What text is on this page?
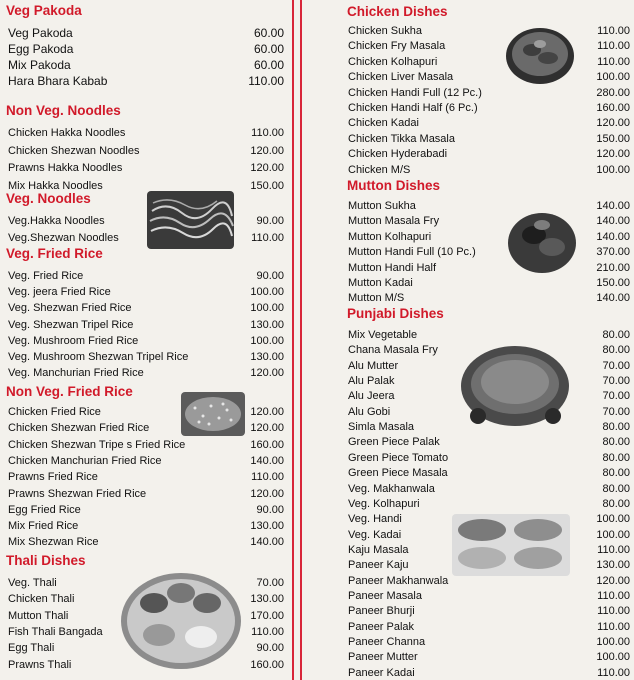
Veg Pakoda
Veg Pakoda	60.00
Egg Pakoda	60.00
Mix Pakoda	60.00
Hara Bhara Kabab	110.00
Non Veg. Noodles
Chicken Hakka Noodles	110.00
Chicken Shezwan Noodles	120.00
Prawns Hakka Noodles	120.00
Mix Hakka Noodles	150.00
Veg. Noodles
Veg.Hakka Noodles	90.00
Veg.Shezwan Noodles	110.00
Veg. Fried Rice
Veg. Fried Rice	90.00
Veg. jeera Fried Rice	100.00
Veg. Shezwan Fried Rice	100.00
Veg. Shezwan Tripel Rice	130.00
Veg. Mushroom Fried Rice	100.00
Veg. Mushroom Shezwan Tripel Rice	130.00
Veg. Manchurian Fried Rice	120.00
Non Veg. Fried Rice
Chicken Fried Rice	120.00
Chicken Shezwan Fried Rice	120.00
Chicken Shezwan Tripe s Fried Rice	160.00
Chicken Manchurian Fried Rice	140.00
Prawns Fried Rice	110.00
Prawns Shezwan Fried Rice	120.00
Egg Fried Rice	90.00
Mix Fried Rice	130.00
Mix Shezwan Rice	140.00
Thali Dishes
Veg. Thali	70.00
Chicken Thali	130.00
Mutton Thali	170.00
Fish Thali Bangada	110.00
Egg Thali	90.00
Prawns Thali	160.00
Chicken Dishes
Chicken Sukha	110.00
Chicken Fry Masala	110.00
Chicken Kolhapuri	110.00
Chicken Liver Masala	100.00
Chicken Handi Full (12 Pc.)	280.00
Chicken Handi Half (6 Pc.)	160.00
Chicken Kadai	120.00
Chicken Tikka Masala	150.00
Chicken Hyderabadi	120.00
Chicken M/S	100.00
Mutton Dishes
Mutton Sukha	140.00
Mutton Masala Fry	140.00
Mutton Kolhapuri	140.00
Mutton Handi Full (10 Pc.)	370.00
Mutton Handi Half	210.00
Mutton Kadai	150.00
Mutton M/S	140.00
Punjabi Dishes
Mix Vegetable	80.00
Chana Masala Fry	80.00
Alu Mutter	70.00
Alu Palak	70.00
Alu Jeera	70.00
Alu Gobi	70.00
Simla Masala	80.00
Green Piece Palak	80.00
Green Piece Tomato	80.00
Green Piece Masala	80.00
Veg. Makhanwala	80.00
Veg. Kolhapuri	80.00
Veg. Handi	100.00
Veg. Kadai	100.00
Kaju Masala	110.00
Paneer Kaju	130.00
Paneer Makhanwala	120.00
Paneer Masala	110.00
Paneer Bhurji	110.00
Paneer Palak	110.00
Paneer Channa	100.00
Paneer Mutter	100.00
Paneer Kadai	110.00
